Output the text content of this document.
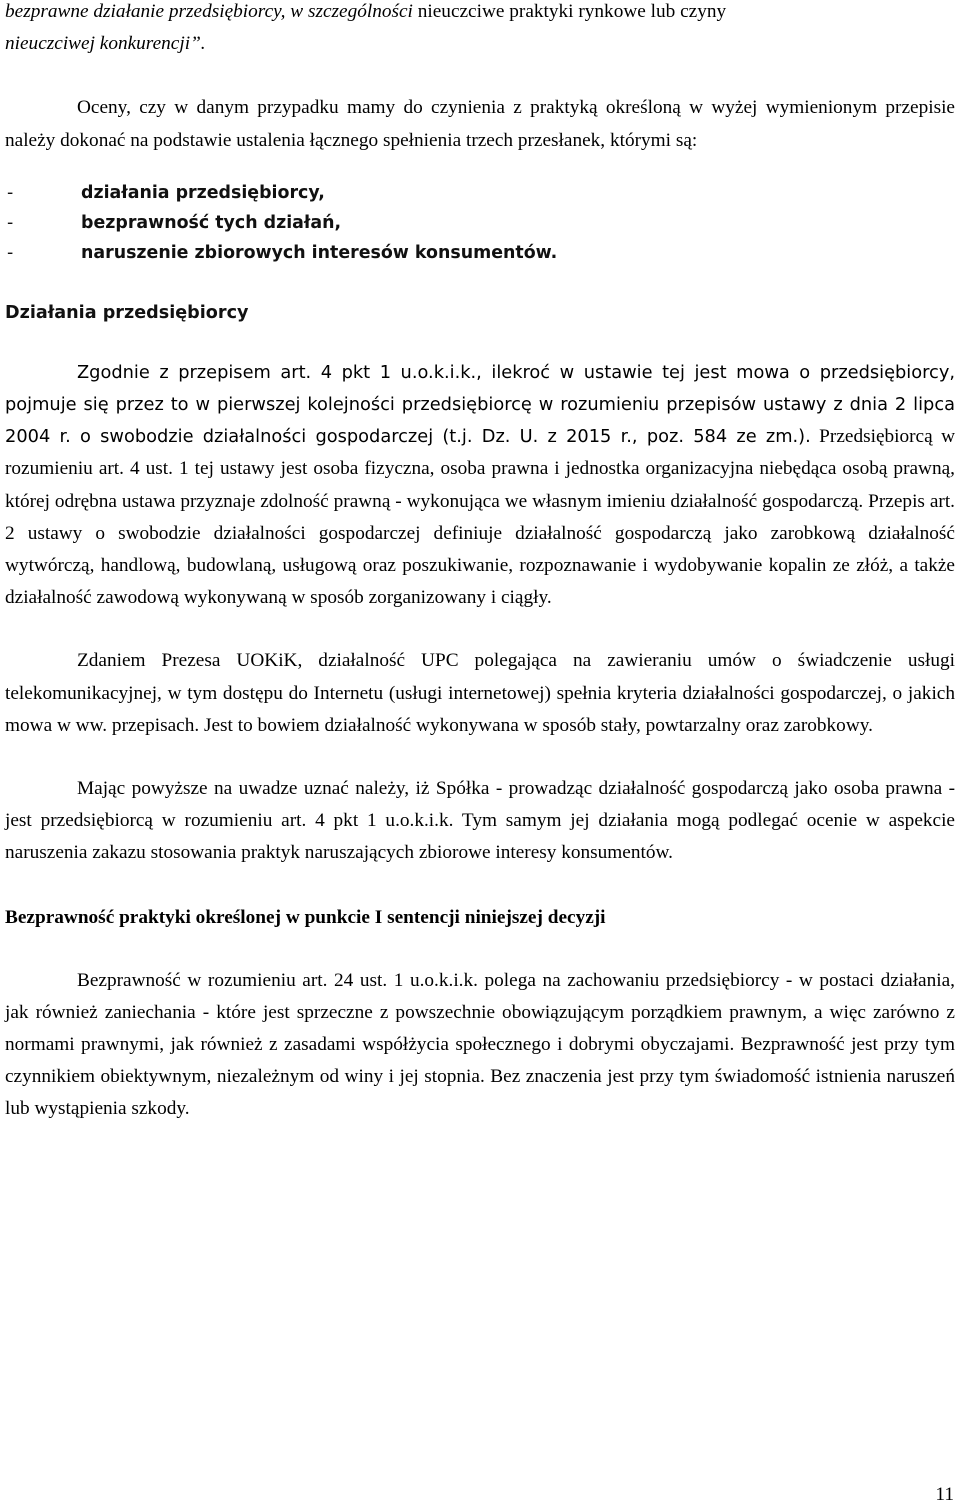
bezprawne działanie przedsiębiorcy, w szczególności nieuczciwe praktyki rynkowe lub czyny
nieuczciwej konkurencji”.

Oceny, czy w danym przypadku mamy do czynienia z praktyką określoną w wyżej wymienionym przepisie należy dokonać na podstawie ustalenia łącznego spełnienia trzech przesłanek, którymi są:

-	działania przedsiębiorcy,
-	bezprawność tych działań,
-	naruszenie zbiorowych interesów konsumentów.
Działania przedsiębiorcy

Zgodnie z przepisem art. 4 pkt 1 u.o.k.i.k., ilekroć w ustawie tej jest mowa o przedsiębiorcy, pojmuje się przez to w pierwszej kolejności przedsiębiorcę w rozumieniu przepisów ustawy z dnia 2 lipca 2004 r. o swobodzie działalności gospodarczej (t.j. Dz. U. z 2015 r., poz. 584 ze zm.). Przedsiębiorcą w rozumieniu art. 4 ust. 1 tej ustawy jest osoba fizyczna, osoba prawna i jednostka organizacyjna niebędąca osobą prawną, której odrębna ustawa przyznaje zdolność prawną - wykonująca we własnym imieniu działalność gospodarczą. Przepis art. 2 ustawy o swobodzie działalności gospodarczej definiuje działalność gospodarczą jako zarobkową działalność wytwórczą, handlową, budowlaną, usługową oraz poszukiwanie, rozpoznawanie i wydobywanie kopalin ze złóż, a także działalność zawodową wykonywaną w sposób zorganizowany i ciągły.

Zdaniem Prezesa UOKiK, działalność UPC polegająca na zawieraniu umów o świadczenie usługi telekomunikacyjnej, w tym dostępu do Internetu (usługi internetowej) spełnia kryteria działalności gospodarczej, o jakich mowa w ww. przepisach. Jest to bowiem działalność wykonywana w sposób stały, powtarzalny oraz zarobkowy.

Mając powyższe na uwadze uznać należy, iż Spółka - prowadząc działalność gospodarczą jako osoba prawna - jest przedsiębiorcą w rozumieniu art. 4 pkt 1 u.o.k.i.k. Tym samym jej działania mogą podlegać ocenie w aspekcie naruszenia zakazu stosowania praktyk naruszających zbiorowe interesy konsumentów.

Bezprawność praktyki określonej w punkcie I sentencji niniejszej decyzji

Bezprawność w rozumieniu art. 24 ust. 1 u.o.k.i.k. polega na zachowaniu przedsiębiorcy - w postaci działania, jak również zaniechania - które jest sprzeczne z powszechnie obowiązującym porządkiem prawnym, a więc zarówno z normami prawnymi, jak również z zasadami współżycia społecznego i dobrymi obyczajami. Bezprawność jest przy tym czynnikiem obiektywnym, niezależnym od winy i jej stopnia. Bez znaczenia jest przy tym świadomość istnienia naruszeń lub wystąpienia szkody.

11
